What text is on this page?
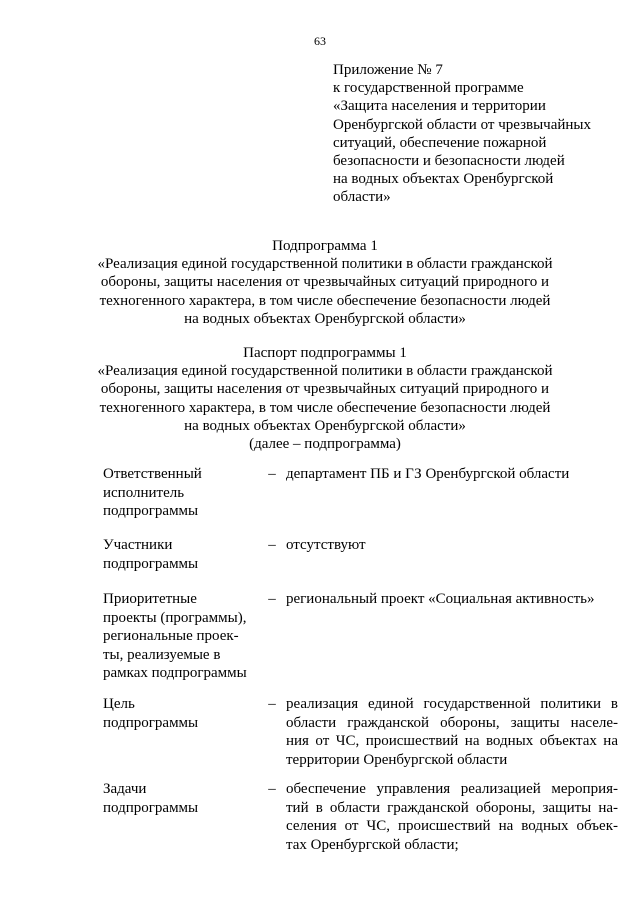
63
Приложение № 7
к государственной программе
«Защита населения и территории
Оренбургской области от чрезвычайных
ситуаций, обеспечение пожарной
безопасности и безопасности людей
на водных объектах Оренбургской
области»
Подпрограмма 1
«Реализация единой государственной политики в области гражданской
обороны, защиты населения от чрезвычайных ситуаций природного и
техногенного характера, в том числе обеспечение безопасности людей
на водных объектах Оренбургской области»
Паспорт подпрограммы 1
«Реализация единой государственной политики в области гражданской
обороны, защиты населения от чрезвычайных ситуаций природного и
техногенного характера, в том числе обеспечение безопасности людей
на водных объектах Оренбургской области»
(далее – подпрограмма)
Ответственный
исполнитель
подпрограммы
– департамент ПБ и ГЗ Оренбургской области
Участники
подпрограммы
– отсутствуют
Приоритетные
проекты (программы),
региональные проек-
ты, реализуемые в
рамках подпрограммы
– региональный проект «Социальная активность»
Цель
подпрограммы
– реализация единой государственной политики в
области гражданской обороны, защиты населе-
ния от ЧС, происшествий на водных объектах на
территории Оренбургской области
Задачи
подпрограммы
– обеспечение управления реализацией мероприя-
тий в области гражданской обороны, защиты на-
селения от ЧС, происшествий на водных объек-
тах Оренбургской области;
